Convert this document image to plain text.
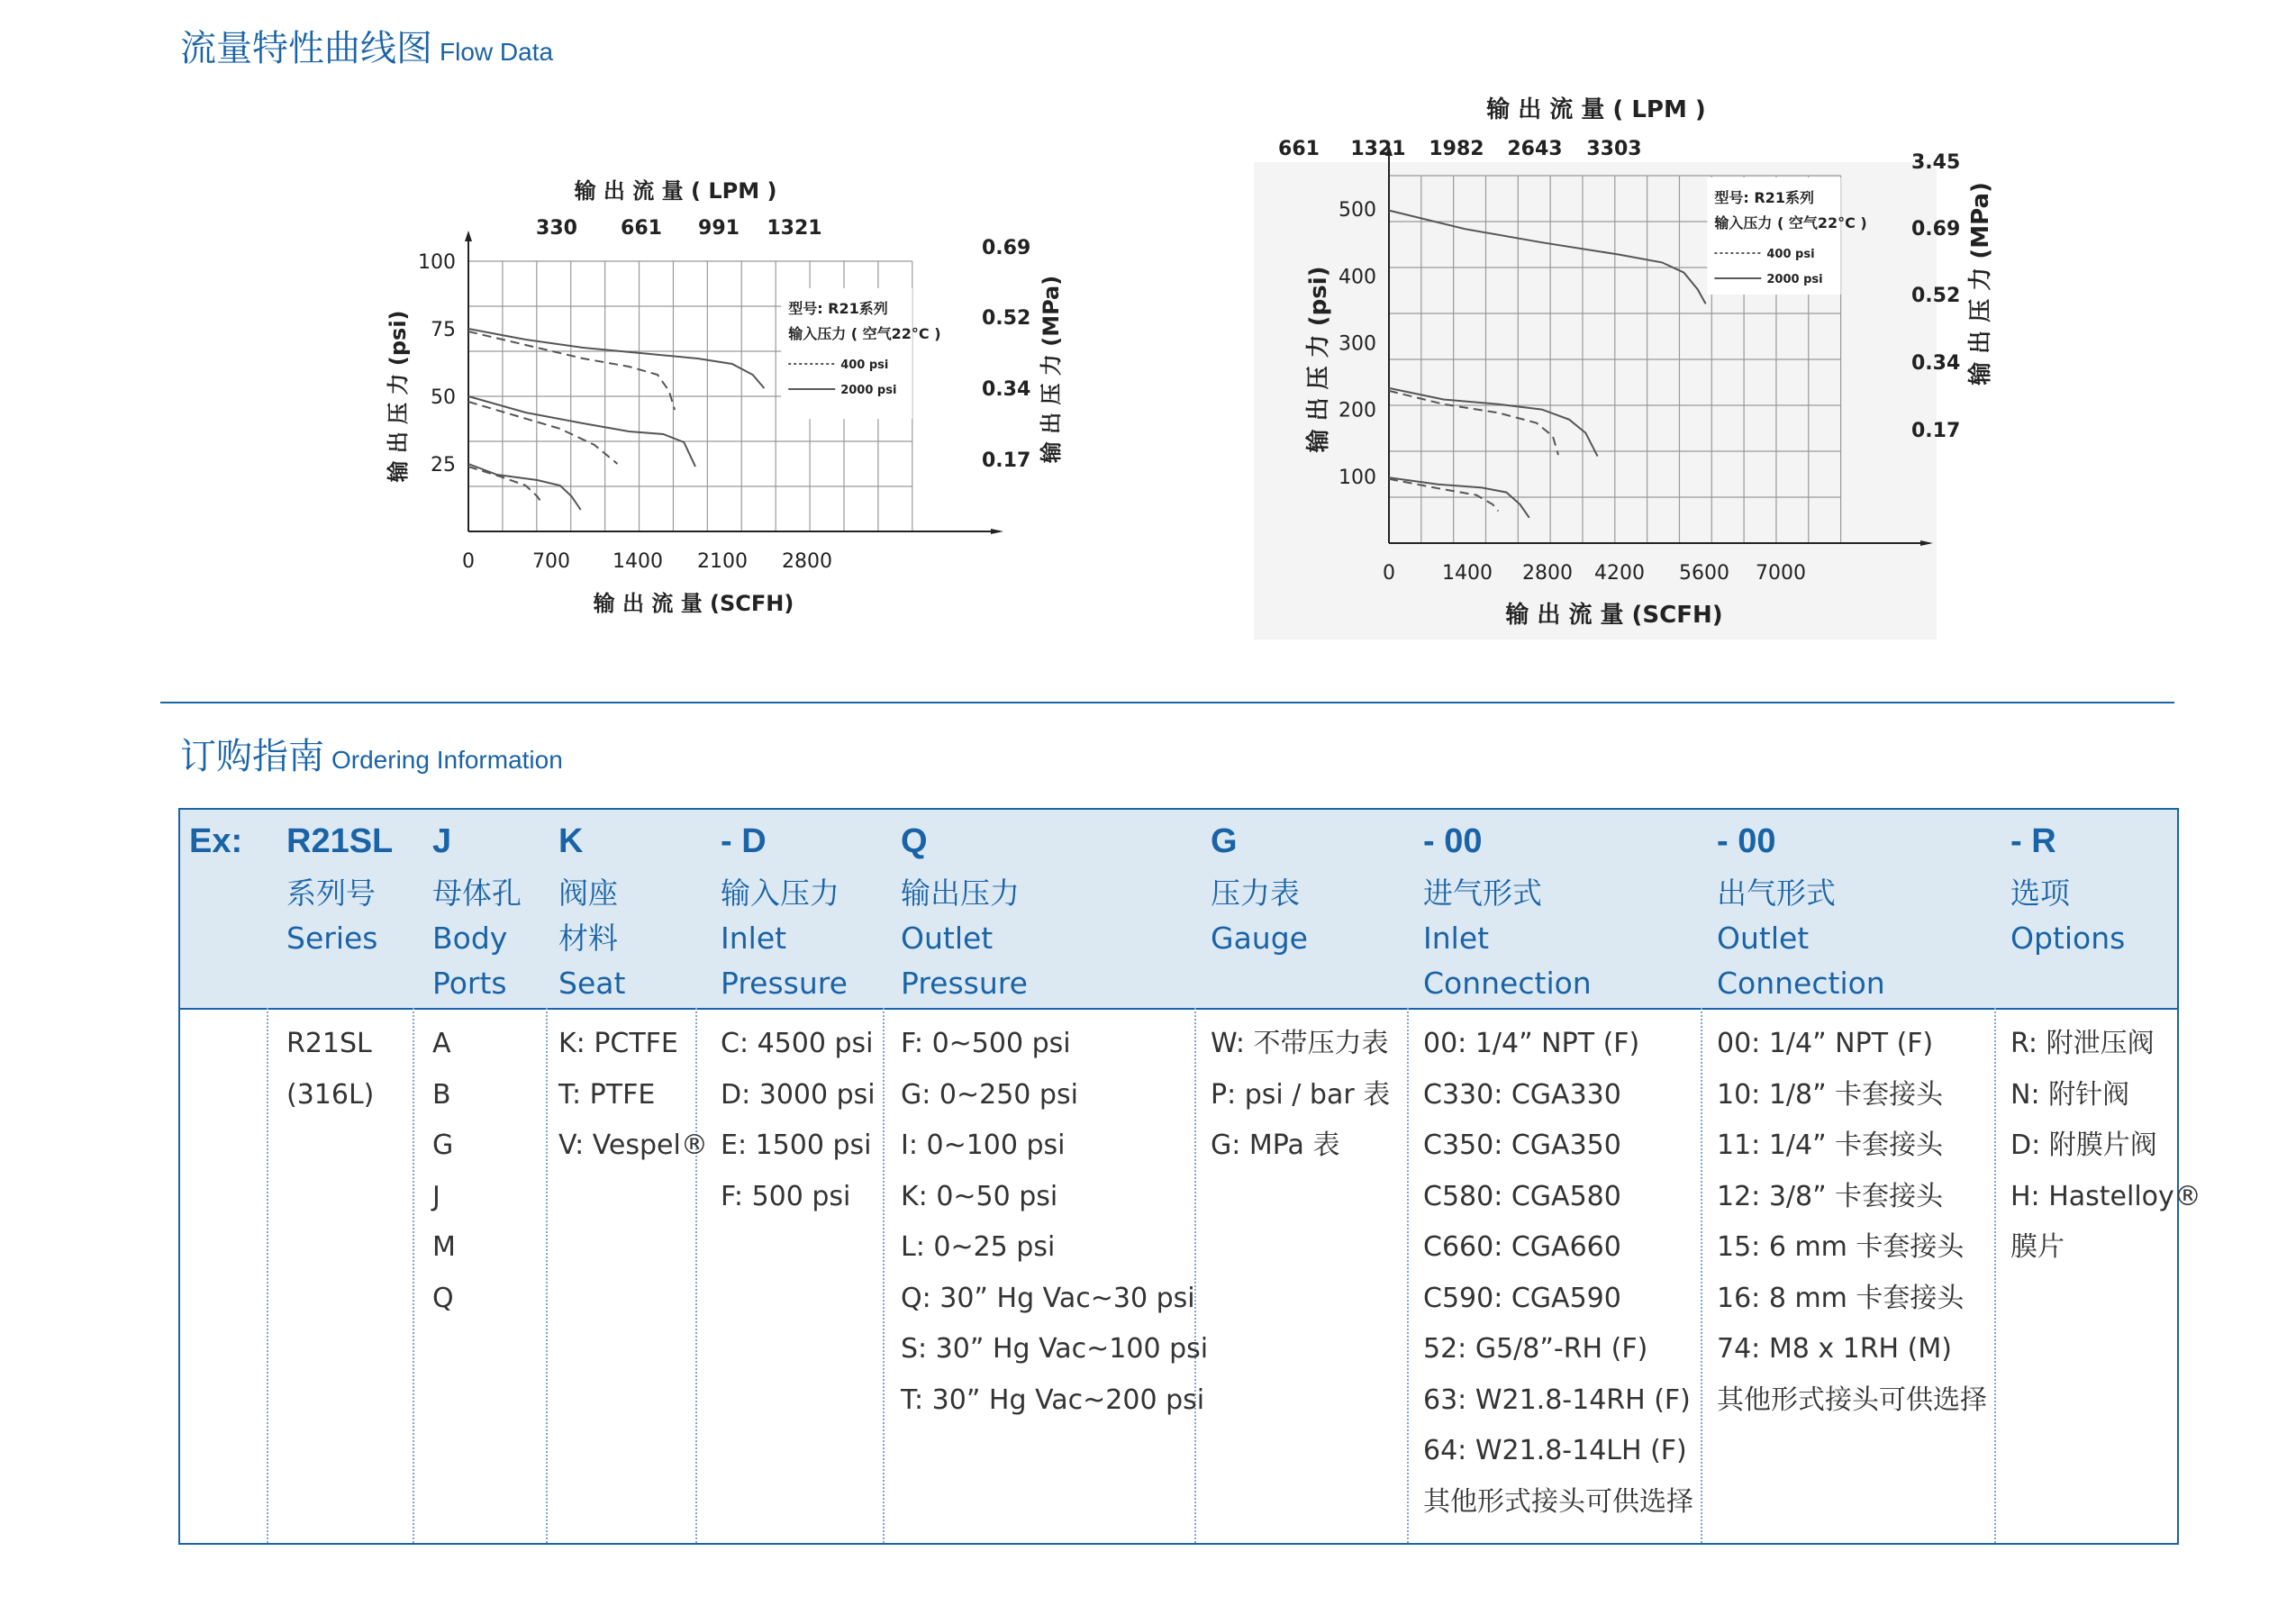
流量特性曲线图 Flow Data
输 出 流 量 ( LPM )
330 661 991 1321
100
75
50
25
输 出 压 力 (psi)
0.69
0.52
0.34
0.17 输 出 压 力 (MPa)
0	700 1400 2100 2800
输 出 流 量 (SCFH)
型号: R21系列
输入压力 ( 空气22°C )
400 psi
2000 psi
输 出 流 量 ( LPM )
661 1321 1982 2643 3303
500
400
300
200
100
输 出 压 力 (psi)
3.45
0.69
0.52
0.34
0.17
输 出 压 力 (MPa)
0 1400 2800 4200 5600 7000
输 出 流 量 (SCFH)
型号: R21系列
输入压力 ( 空气22°C )
400 psi
2000 psi
订购指南 Ordering Information
Ex: R21SL
系列号
Series
R21SL
(316L)
J
母体孔
Body
Ports
A
B
G
J
M
Q
K
阀座
材料
Seat
K: PCTFE
T: PTFE
V: Vespel®
- D
输入压力
Inlet
Pressure
C: 4500 psi
D: 3000 psi
E: 1500 psi
F: 500 psi
Q
输出压力
Outlet
Pressure
F: 0~500 psi
G: 0~250 psi
I: 0~100 psi
K: 0~50 psi
L: 0~25 psi
Q: 30” Hg Vac~30 psi
S: 30” Hg Vac~100 psi
T: 30” Hg Vac~200 psi
G
压力表
Gauge
W: 不带压力表
P: psi / bar 表
G: MPa 表
- 00
进气形式
Inlet
Connection
00: 1/4” NPT (F)
C330: CGA330
C350: CGA350
C580: CGA580
C660: CGA660
C590: CGA590
52: G5/8”-RH (F)
63: W21.8-14RH (F)
64: W21.8-14LH (F)
其他形式接头可供选择
- 00
出气形式
Outlet
Connection
00: 1/4” NPT (F)
10: 1/8” 卡套接头
11: 1/4” 卡套接头
12: 3/8” 卡套接头
15: 6 mm 卡套接头
16: 8 mm 卡套接头
74: M8 x 1RH (M)
其他形式接头可供选择
- R
选项
Options
R: 附泄压阀
N: 附针阀
D: 附膜片阀
H: Hastelloy®
膜片
